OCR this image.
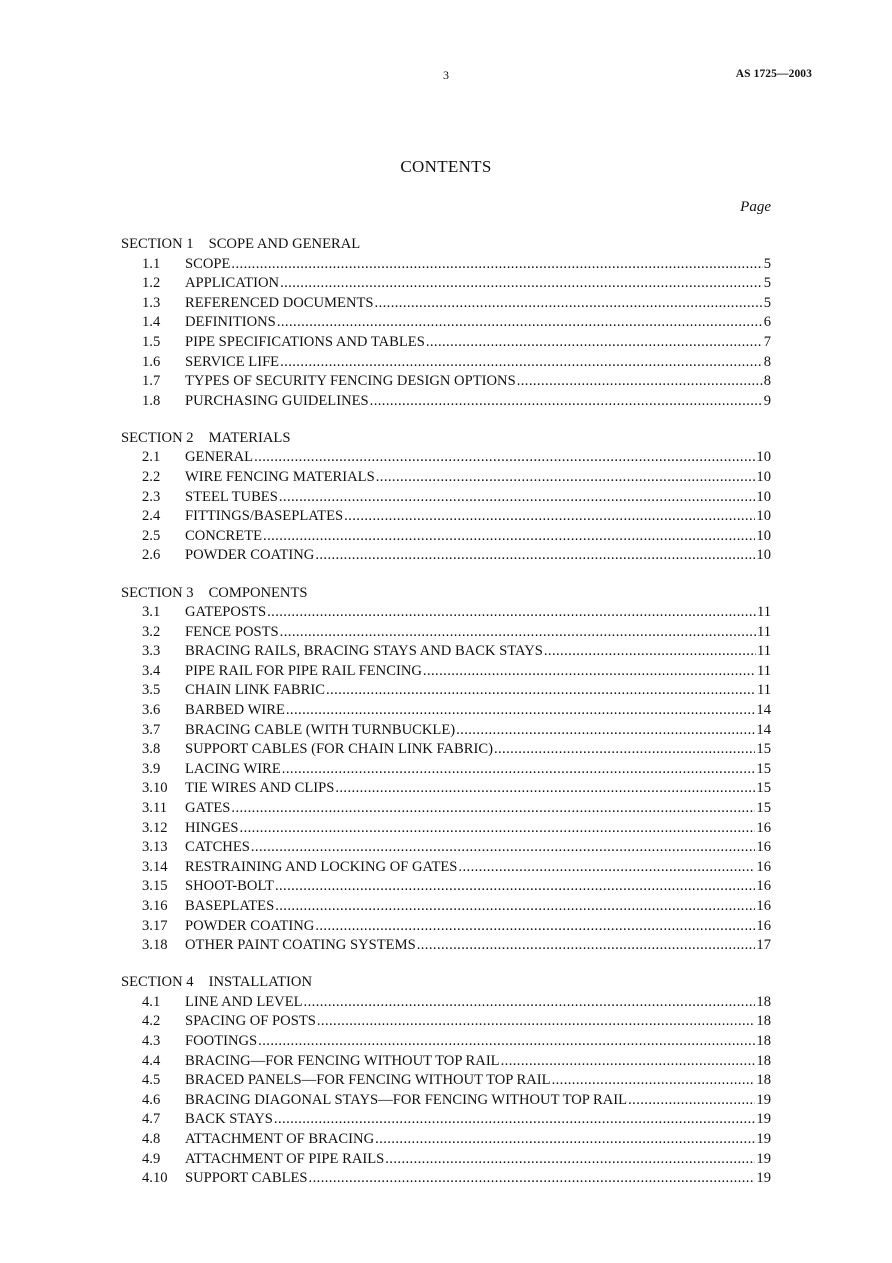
3	AS 1725—2003
CONTENTS
Page
SECTION 1 SCOPE AND GENERAL
1.1	SCOPE .....	5
1.2	APPLICATION .....	5
1.3	REFERENCED DOCUMENTS .....	5
1.4	DEFINITIONS .....	6
1.5	PIPE SPECIFICATIONS AND TABLES .....	7
1.6	SERVICE LIFE .....	8
1.7	TYPES OF SECURITY FENCING DESIGN OPTIONS .....	8
1.8	PURCHASING GUIDELINES .....	9
SECTION 2 MATERIALS
2.1	GENERAL .....	10
2.2	WIRE FENCING MATERIALS .....	10
2.3	STEEL TUBES .....	10
2.4	FITTINGS/BASEPLATES .....	10
2.5	CONCRETE .....	10
2.6	POWDER COATING .....	10
SECTION 3 COMPONENTS
3.1	GATEPOSTS .....	11
3.2	FENCE POSTS .....	11
3.3	BRACING RAILS, BRACING STAYS AND BACK STAYS .....	11
3.4	PIPE RAIL FOR PIPE RAIL FENCING .....	11
3.5	CHAIN LINK FABRIC .....	11
3.6	BARBED WIRE .....	14
3.7	BRACING CABLE (WITH TURNBUCKLE) .....	14
3.8	SUPPORT CABLES (FOR CHAIN LINK FABRIC) .....	15
3.9	LACING WIRE .....	15
3.10	TIE WIRES AND CLIPS .....	15
3.11	GATES .....	15
3.12	HINGES .....	16
3.13	CATCHES .....	16
3.14	RESTRAINING AND LOCKING OF GATES .....	16
3.15	SHOOT-BOLT .....	16
3.16	BASEPLATES .....	16
3.17	POWDER COATING .....	16
3.18	OTHER PAINT COATING SYSTEMS .....	17
SECTION 4 INSTALLATION
4.1	LINE AND LEVEL .....	18
4.2	SPACING OF POSTS .....	18
4.3	FOOTINGS .....	18
4.4	BRACING—FOR FENCING WITHOUT TOP RAIL .....	18
4.5	BRACED PANELS—FOR FENCING WITHOUT TOP RAIL .....	18
4.6	BRACING DIAGONAL STAYS—FOR FENCING WITHOUT TOP RAIL .....	19
4.7	BACK STAYS .....	19
4.8	ATTACHMENT OF BRACING .....	19
4.9	ATTACHMENT OF PIPE RAILS .....	19
4.10	SUPPORT CABLES .....	19
